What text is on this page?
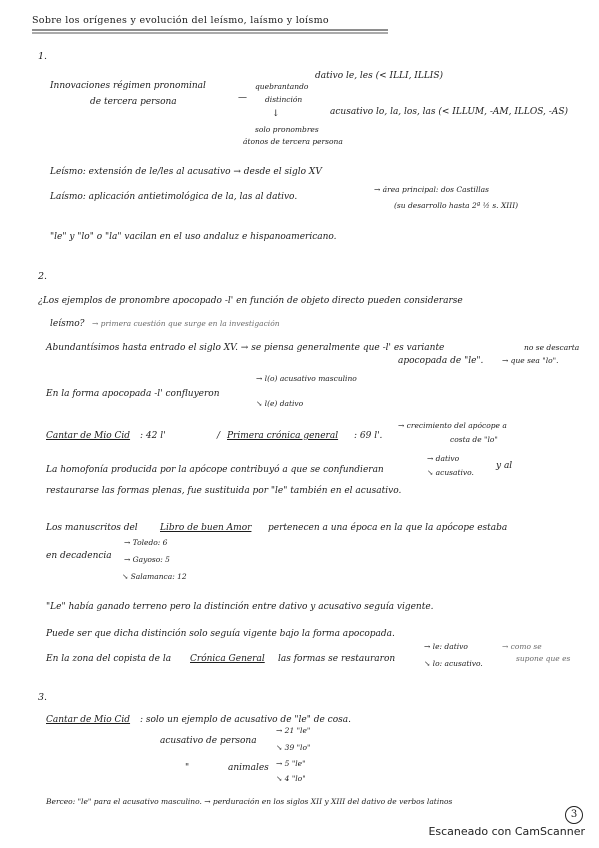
Sobre los orígenes y evolución del leísmo, laísmo y loísmo
1.
Innovaciones régimen pronominal
de tercera persona	—
quebrantando
distinción
dativo le, les (< ILLI, ILLIS)
acusativo lo, la, los, las (< ILLUM, -AM, ILLOS, -AS)
↓
solo pronombres
átonos de tercera persona
Leísmo: extensión de le/les al acusativo → desde el siglo XV
Laísmo: aplicación antietimológica de la, las al dativo.
→ área principal: dos Castillas
(su desarrollo hasta 2ª ½ s. XIII)
"le" y "lo" o "la" vacilan en el uso andaluz e hispanoamericano.
2.
¿Los ejemplos de pronombre apocopado -l' en función de objeto directo pueden considerarse
leísmo? → primera cuestión que surge en la investigación
Abundantísimos hasta entrado el siglo XV. → se piensa generalmente que -l' es variante	no se descarta
apocopada de "le". → que sea "lo".
En la forma apocopada -l' confluyeron
→ l(o) acusativo masculino
↘ l(e) dativo
Cantar de Mio Cid : 42 l'	/ Primera crónica general : 69 l'.
→ crecimiento del apócope a
costa de "lo"
La homofonía producida por la apócope contribuyó a que se confundieran
→ dativo
↘ acusativo.
y al
restaurarse las formas plenas, fue sustituida por "le" también en el acusativo.
Los manuscritos del Libro de buen Amor pertenecen a una época en la que la apócope estaba
en decadencia
→ Toledo: 6
→ Gayoso: 5
↘ Salamanca: 12
"Le" había ganado terreno pero la distinción entre dativo y acusativo seguía vigente.
Puede ser que dicha distinción solo seguía vigente bajo la forma apocopada.
En la zona del copista de la Crónica General las formas se restauraron
→ le: dativo
↘ lo: acusativo.
→ como se
supone que es
3.
Cantar de Mio Cid : solo un ejemplo de acusativo de "le" de cosa.
acusativo de persona
→ 21 "le"
↘ 39 "lo"
"	animales → 5 "le"
↘ 4 "lo"
Berceo: "le" para el acusativo masculino. → perduración en los siglos XII y XIII del dativo de verbos latinos
3
Escaneado con CamScanner
